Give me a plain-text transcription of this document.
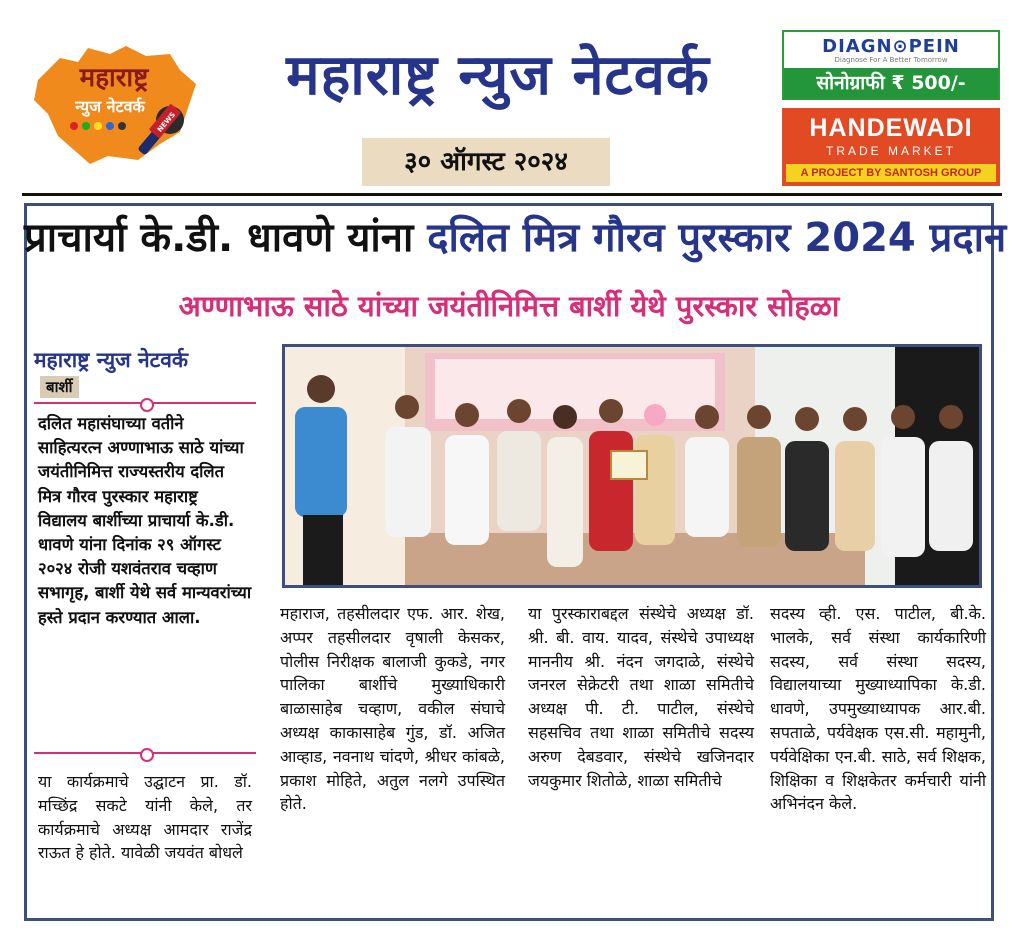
महाराष्ट्र
न्युज नेटवर्क
NEWS
महाराष्ट्र न्युज नेटवर्क
३० ऑगस्ट २०२४
DIAGN⊙PEIN
Diagnose For A Better Tomorrow
सोनोग्राफी ₹ 500/-
HANDEWADI
TRADE MARKET
A PROJECT BY SANTOSH GROUP
प्राचार्या के.डी. धावणे यांना दलित मित्र गौरव पुरस्कार 2024 प्रदान
अण्णाभाऊ साठे यांच्या जयंतीनिमित्त बार्शी येथे पुरस्कार सोहळा
महाराष्ट्र न्युज नेटवर्क
बार्शी
दलित महासंघाच्या वतीने साहित्यरत्न अण्णाभाऊ साठे यांच्या जयंतीनिमित्त राज्यस्तरीय दलित मित्र गौरव पुरस्कार महाराष्ट्र विद्यालय बार्शीच्या प्राचार्या के.डी. धावणे यांना दिनांक २९ ऑगस्ट २०२४ रोजी यशवंतराव चव्हाण सभागृह, बार्शी येथे सर्व मान्यवरांच्या हस्ते प्रदान करण्यात आला.
या कार्यक्रमाचे उद्घाटन प्रा. डॉ. मच्छिंद्र सकटे यांनी केले, तर कार्यक्रमाचे अध्यक्ष आमदार राजेंद्र राऊत हे होते. यावेळी जयवंत बोधले
महाराज, तहसीलदार एफ. आर. शेख, अप्पर तहसीलदार वृषाली केसकर, पोलीस निरीक्षक बालाजी कुकडे, नगर पालिका बार्शीचे मुख्याधिकारी बाळासाहेब चव्हाण, वकील संघाचे अध्यक्ष काकासाहेब गुंड, डॉ. अजित आव्हाड, नवनाथ चांदणे, श्रीधर कांबळे, प्रकाश मोहिते, अतुल नलगे उपस्थित होते.
या पुरस्काराबद्दल संस्थेचे अध्यक्ष डॉ. श्री. बी. वाय. यादव, संस्थेचे उपाध्यक्ष माननीय श्री. नंदन जगदाळे, संस्थेचे जनरल सेक्रेटरी तथा शाळा समितीचे अध्यक्ष पी. टी. पाटील, संस्थेचे सहसचिव तथा शाळा समितीचे सदस्य अरुण देबडवार, संस्थेचे खजिनदार जयकुमार शितोळे, शाळा समितीचे
सदस्य व्ही. एस. पाटील, बी.के. भालके, सर्व संस्था कार्यकारिणी सदस्य, सर्व संस्था सदस्य, विद्यालयाच्या मुख्याध्यापिका के.डी. धावणे, उपमुख्याध्यापक आर.बी. सपताळे, पर्यवेक्षक एस.सी. महामुनी, पर्यवेक्षिका एन.बी. साठे, सर्व शिक्षक, शिक्षिका व शिक्षकेतर कर्मचारी यांनी अभिनंदन केले.
